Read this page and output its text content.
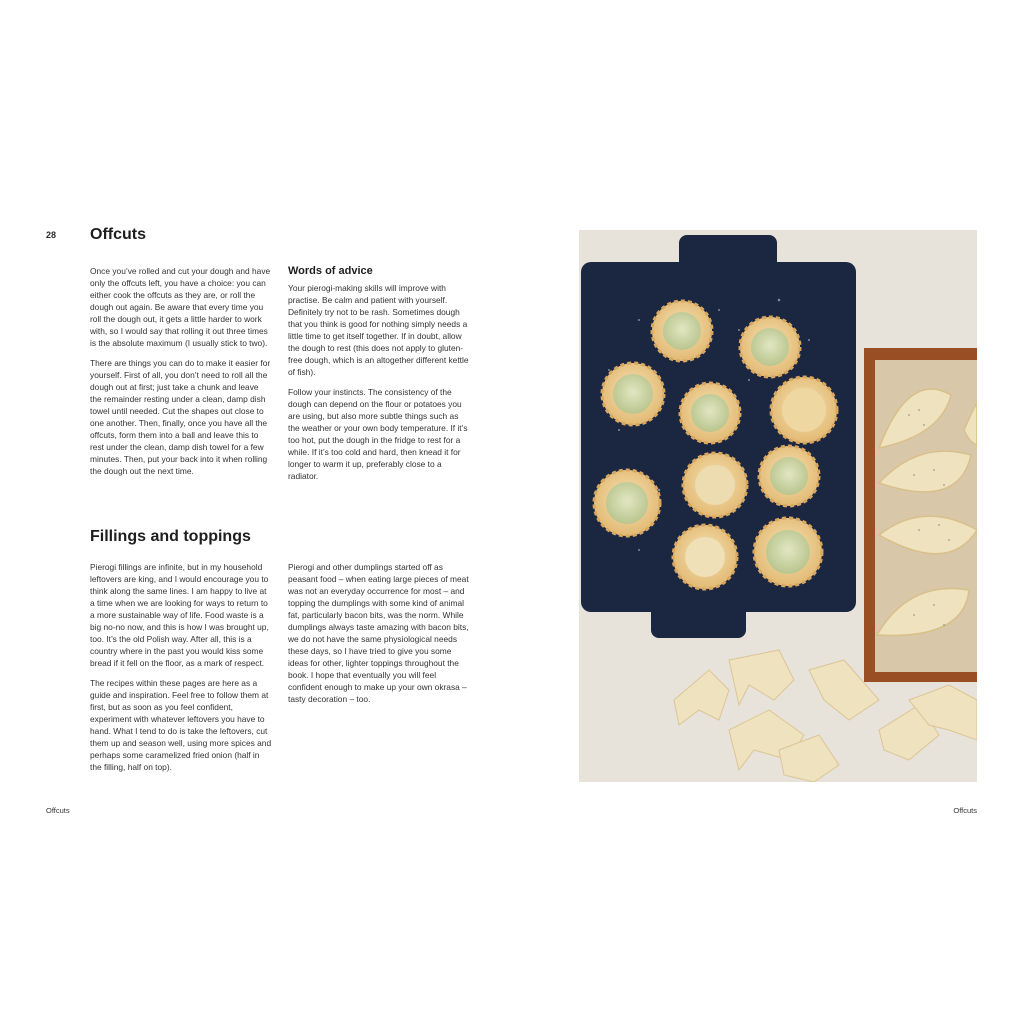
28 Offcuts

Once you’ve rolled and cut your dough and have only the offcuts left, you have a choice: you can either cook the offcuts as they are, or roll the dough out again. Be aware that every time you roll the dough out, it gets a little harder to work with, so I would say that rolling it out three times is the absolute maximum (I usually stick to two).

There are things you can do to make it easier for yourself. First of all, you don’t need to roll all the dough out at first; just take a chunk and leave the remainder resting under a clean, damp dish towel until needed. Cut the shapes out close to one another. Then, finally, once you have all the offcuts, form them into a ball and leave this to rest under the clean, damp dish towel for a few minutes. Then, put your back into it when rolling the dough out the next time.

Words of advice

Your pierogi-making skills will improve with practise. Be calm and patient with yourself. Definitely try not to be rash. Sometimes dough that you think is good for nothing simply needs a little time to get itself together. If in doubt, allow the dough to rest (this does not apply to gluten-free dough, which is an altogether different kettle of fish).

Follow your instincts. The consistency of the dough can depend on the flour or potatoes you are using, but also more subtle things such as the weather or your own body temperature. If it’s too hot, put the dough in the fridge to rest for a while. If it’s too cold and hard, then knead it for longer to warm it up, preferably close to a radiator.

Fillings and toppings

Pierogi fillings are infinite, but in my household leftovers are king, and I would encourage you to think along the same lines. I am happy to live at a time when we are looking for ways to return to a more sustainable way of life. Food waste is a big no-no now, and this is how I was brought up, too. It’s the old Polish way. After all, this is a country where in the past you would kiss some bread if it fell on the floor, as a mark of respect.

The recipes within these pages are here as a guide and inspiration. Feel free to follow them at first, but as soon as you feel confident, experiment with whatever leftovers you have to hand. What I tend to do is take the leftovers, cut them up and season well, using more spices and perhaps some caramelized fried onion (half in the filling, half on top).

Pierogi and other dumplings started off as peasant food – when eating large pieces of meat was not an everyday occurrence for most – and topping the dumplings with some kind of animal fat, particularly bacon bits, was the norm. While dumplings always taste amazing with bacon bits, we do not have the same physiological needs these days, so I have tried to give you some ideas for other, lighter toppings throughout the book. I hope that eventually you will feel confident enough to make up your own okrasa – tasty decoration – too.

Offcuts	Offcuts
